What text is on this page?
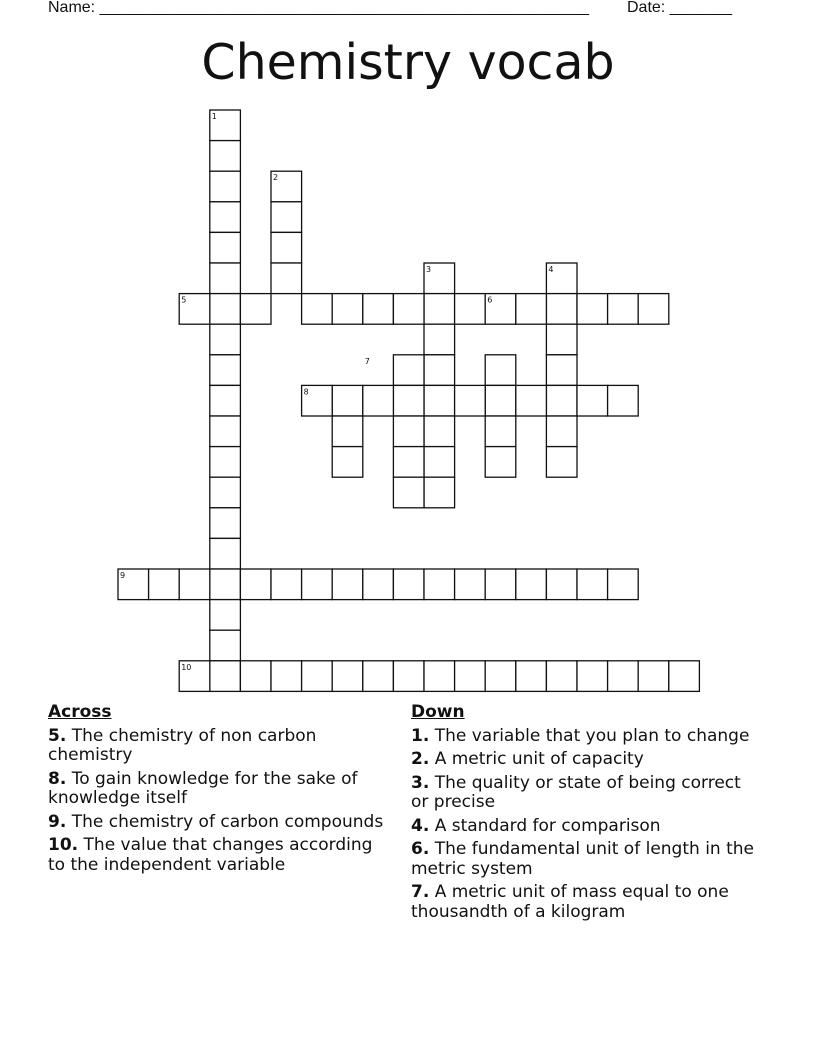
Name: _______________________________________________________ Date: _______
Chemistry vocab
1
2
3	4
5	6
7
8
9
10
Across
5. The chemistry of non carbon chemistry
8. To gain knowledge for the sake of knowledge itself
9. The chemistry of carbon compounds
10. The value that changes according to the independent variable
Down
1. The variable that you plan to change
2. A metric unit of capacity
3. The quality or state of being correct or precise
4. A standard for comparison
6. The fundamental unit of length in the metric system
7. A metric unit of mass equal to one thousandth of a kilogram
